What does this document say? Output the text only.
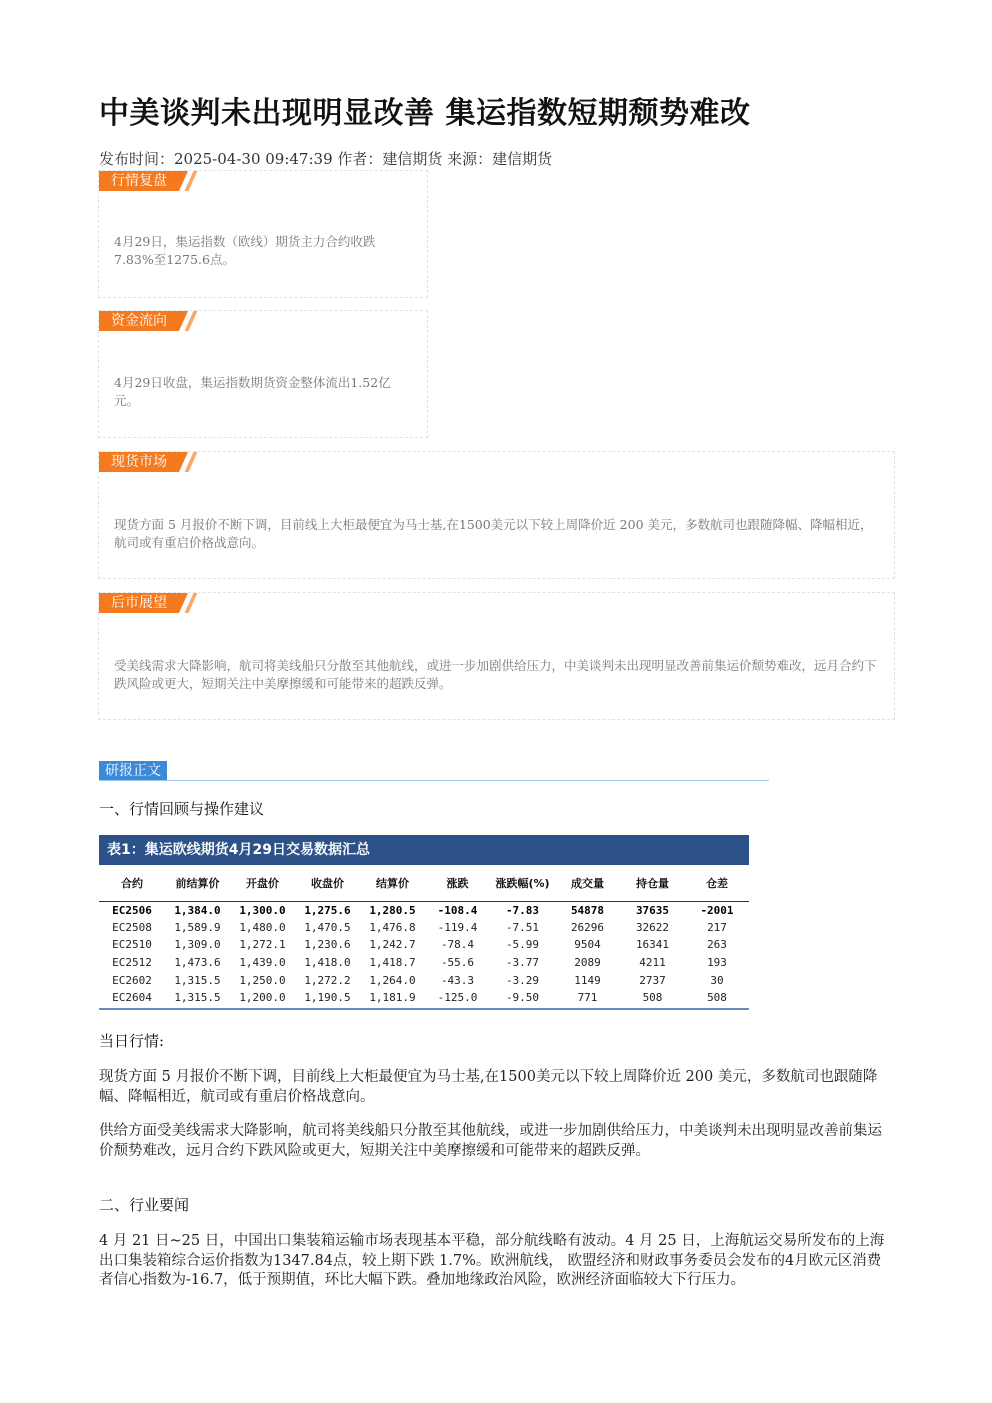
中美谈判未出现明显改善 集运指数短期颓势难改
发布时间：2025-04-30 09:47:39 作者：建信期货 来源：建信期货
行情复盘
4月29日，集运指数（欧线）期货主力合约收跌7.83%至1275.6点。
资金流向
4月29日收盘，集运指数期货资金整体流出1.52亿元。
现货市场
现货方面 5 月报价不断下调，目前线上大柜最便宜为马士基,在1500美元以下较上周降价近 200 美元，多数航司也跟随降幅、降幅相近，航司或有重启价格战意向。
后市展望
受美线需求大降影响，航司将美线船只分散至其他航线，或进一步加剧供给压力，中美谈判未出现明显改善前集运价颓势难改，远月合约下跌风险或更大，短期关注中美摩擦缓和可能带来的超跌反弹。
研报正文
一、行情回顾与操作建议
表1：集运欧线期货4月29日交易数据汇总
合约	前结算价	开盘价	收盘价	结算价	涨跌	涨跌幅(%)	成交量	持仓量	仓差
EC2506	1,384.0	1,300.0	1,275.6	1,280.5	-108.4	-7.83	54878	37635	-2001
EC2508	1,589.9	1,480.0	1,470.5	1,476.8	-119.4	-7.51	26296	32622	217
EC2510	1,309.0	1,272.1	1,230.6	1,242.7	-78.4	-5.99	9504	16341	263
EC2512	1,473.6	1,439.0	1,418.0	1,418.7	-55.6	-3.77	2089	4211	193
EC2602	1,315.5	1,250.0	1,272.2	1,264.0	-43.3	-3.29	1149	2737	30
EC2604	1,315.5	1,200.0	1,190.5	1,181.9	-125.0	-9.50	771	508	508
当日行情:
现货方面 5 月报价不断下调，目前线上大柜最便宜为马士基,在1500美元以下较上周降价近 200 美元，多数航司也跟随降幅、降幅相近，航司或有重启价格战意向。
供给方面受美线需求大降影响，航司将美线船只分散至其他航线，或进一步加剧供给压力，中美谈判未出现明显改善前集运价颓势难改，远月合约下跌风险或更大，短期关注中美摩擦缓和可能带来的超跌反弹。
二、行业要闻
4 月 21 日~25 日，中国出口集装箱运输市场表现基本平稳，部分航线略有波动。4 月 25 日，上海航运交易所发布的上海出口集装箱综合运价指数为1347.84点，较上期下跌 1.7%。欧洲航线， 欧盟经济和财政事务委员会发布的4月欧元区消费者信心指数为-16.7，低于预期值，环比大幅下跌。叠加地缘政治风险，欧洲经济面临较大下行压力。
